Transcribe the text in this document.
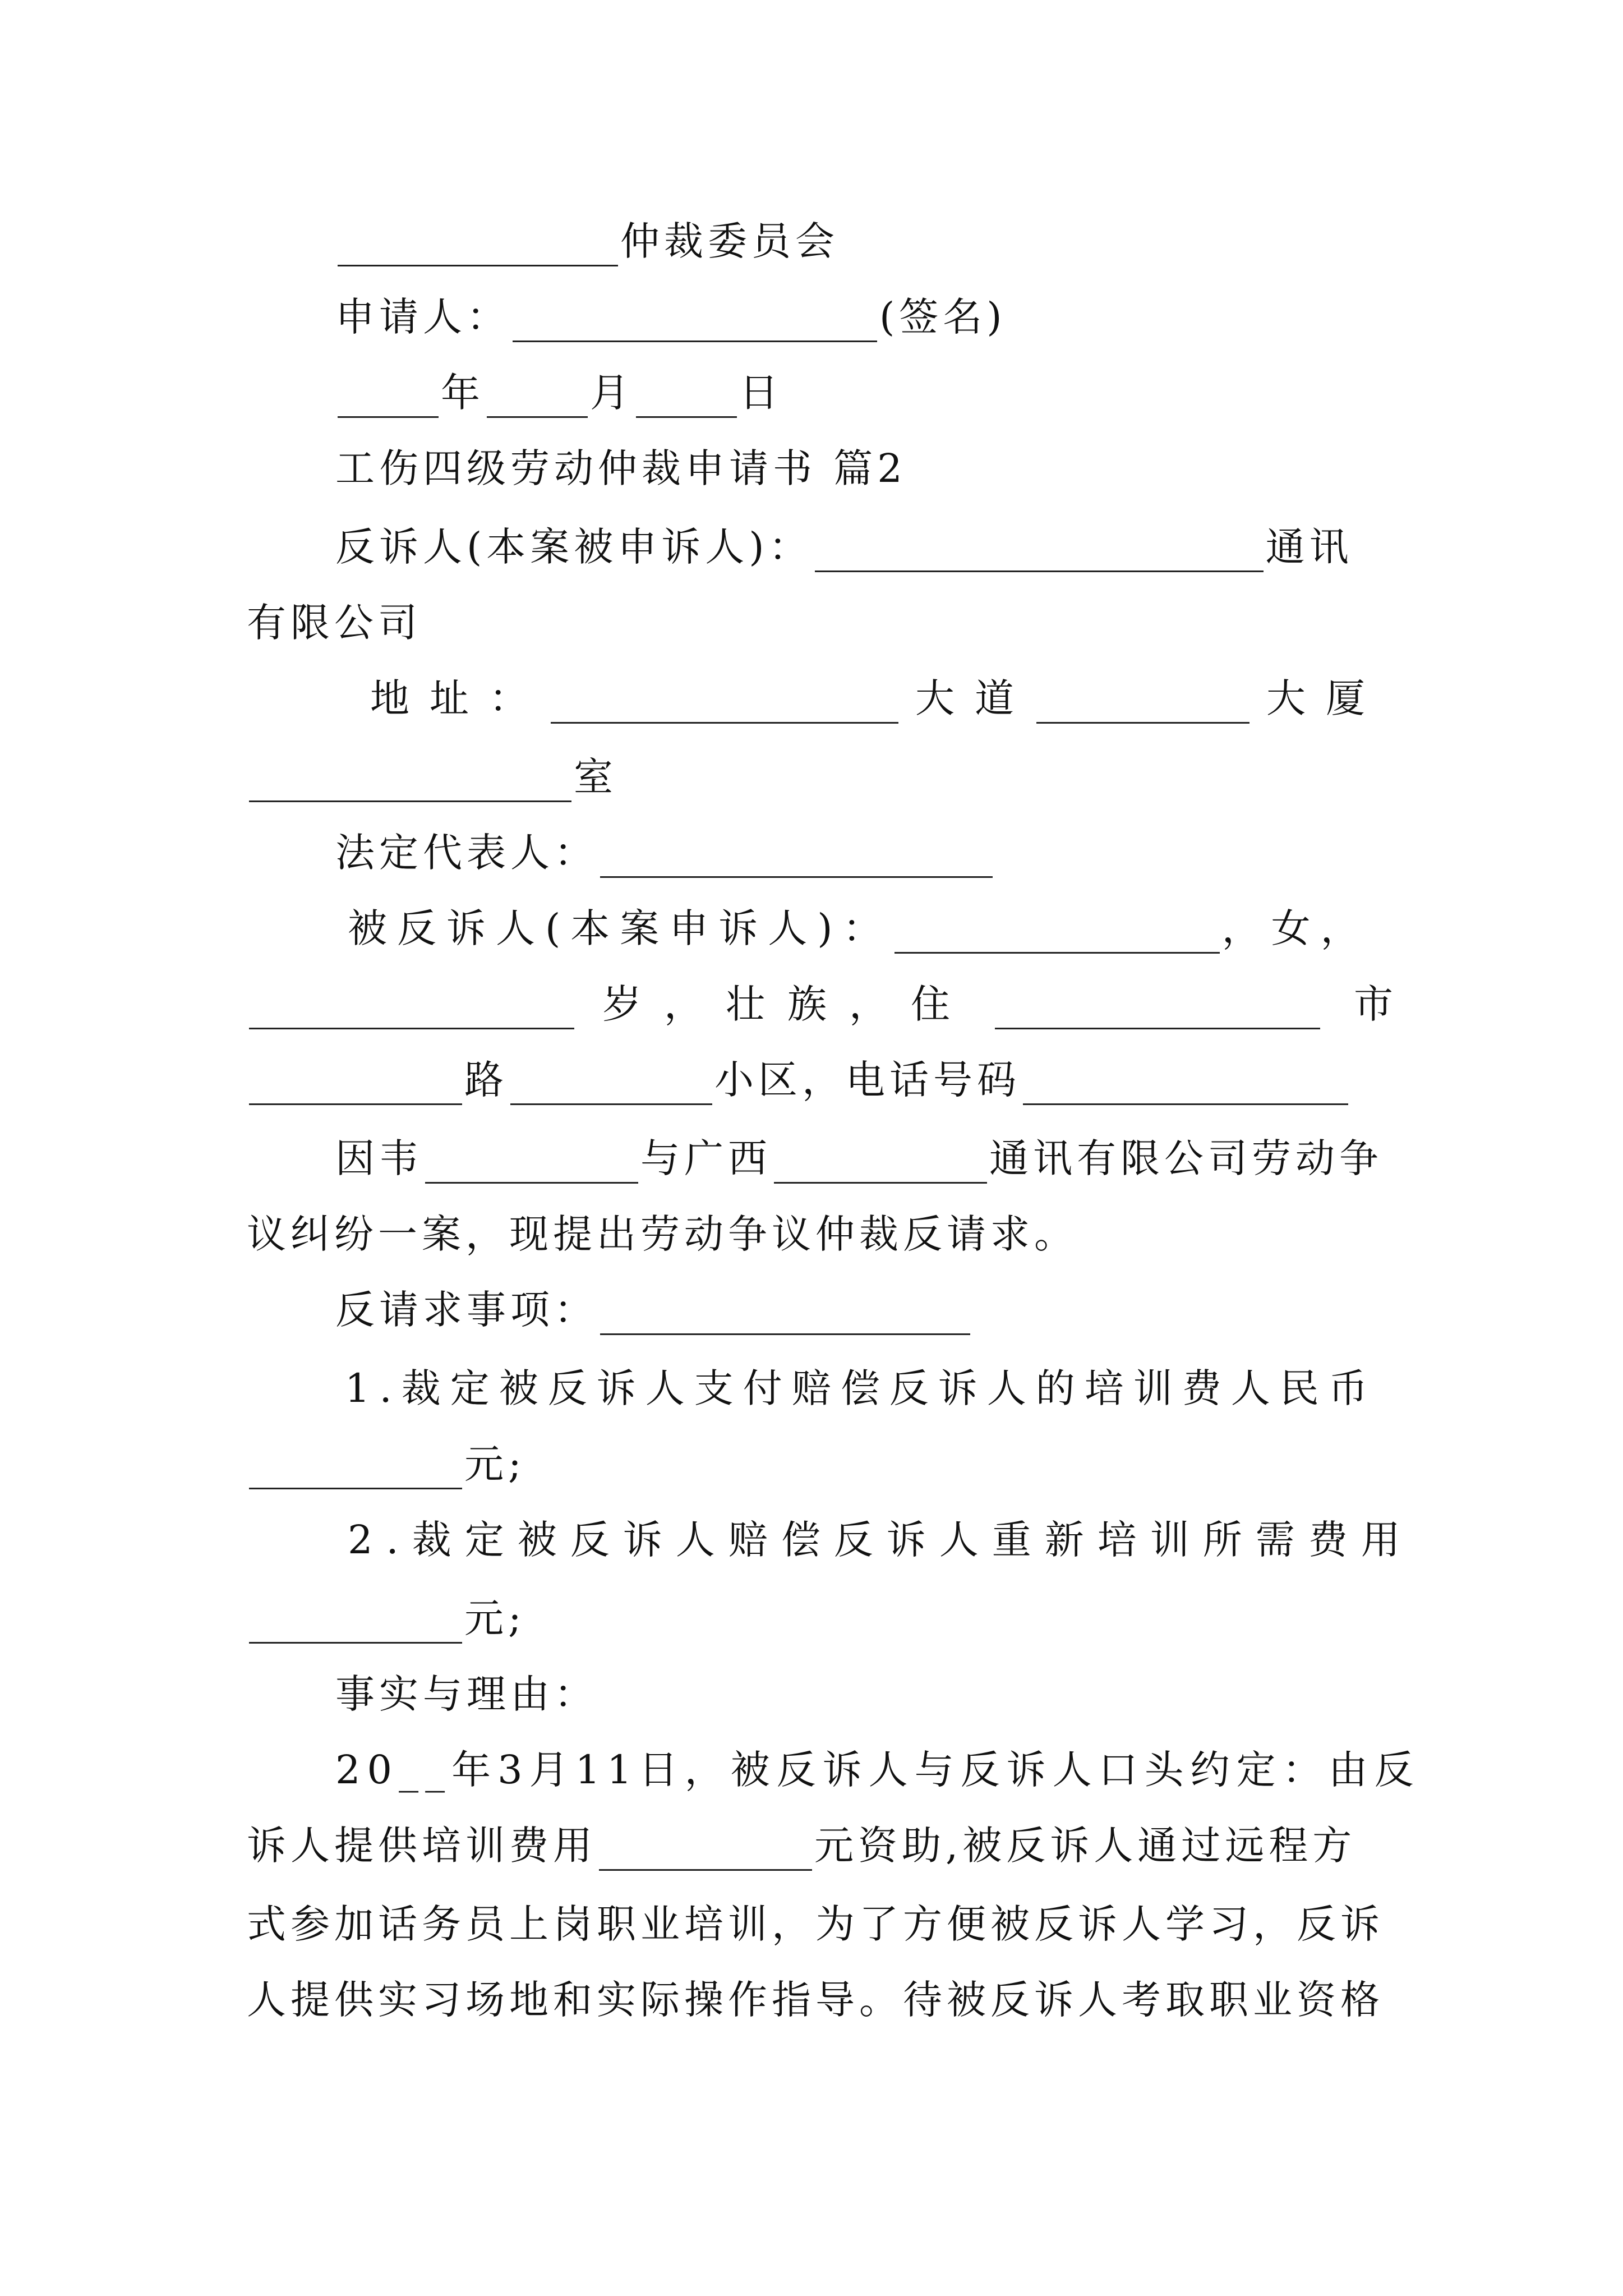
仲裁委员会
申请人：	(签名)
年	月	日
工伤四级劳动仲裁申请书 篇2
反诉人(本案被申诉人)：	通讯
有限公司
地址：	大道	大厦
室
法定代表人：
被反诉人(本案申诉人)：	，女，
岁，壮族，住	市
路	小区，电话号码
因韦	与广西	通讯有限公司劳动争
议纠纷一案，现提出劳动争议仲裁反请求。
反请求事项：
1.裁定被反诉人支付赔偿反诉人的培训费人民币
元;
2.裁定被反诉人赔偿反诉人重新培训所需费用
元;
事实与理由：
20__年3月11日，被反诉人与反诉人口头约定：由反
诉人提供培训费用	元资助,被反诉人通过远程方
式参加话务员上岗职业培训，为了方便被反诉人学习，反诉
人提供实习场地和实际操作指导。待被反诉人考取职业资格
